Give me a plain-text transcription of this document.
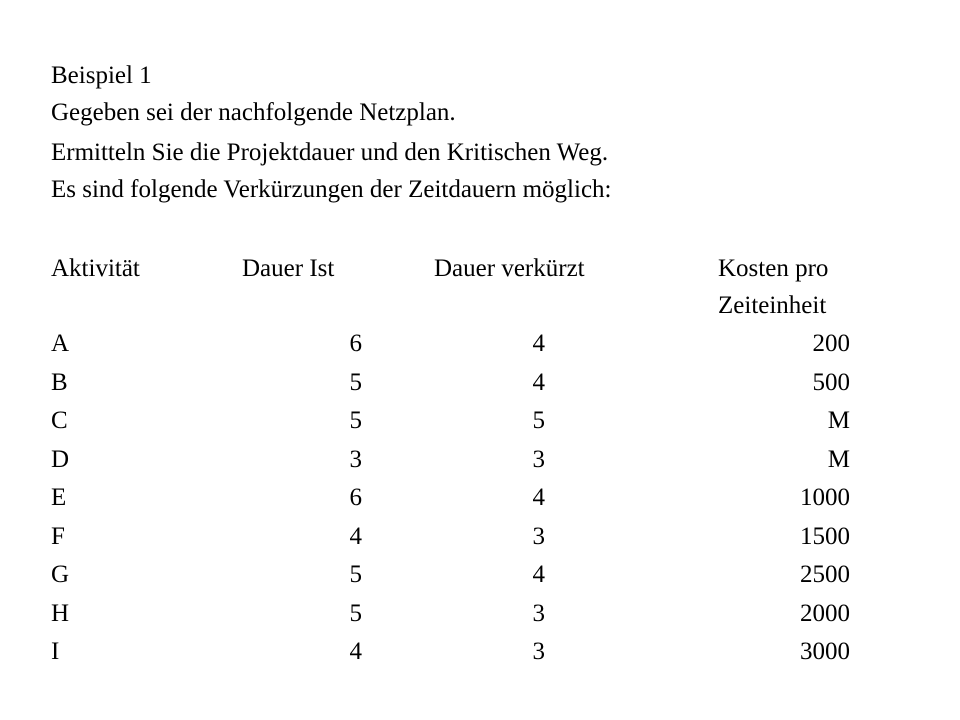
Beispiel 1
Gegeben sei der nachfolgende Netzplan.
Ermitteln Sie die Projektdauer und den Kritischen Weg.
Es sind folgende Verkürzungen der Zeitdauern möglich:
Aktivität	Dauer Ist	Dauer verkürzt	Kosten pro
Zeiteinheit
A	6	4	200
B	5	4	500
C	5	5	M
D	3	3	M
E	6	4	1000
F	4	3	1500
G	5	4	2500
H	5	3	2000
I	4	3	3000
